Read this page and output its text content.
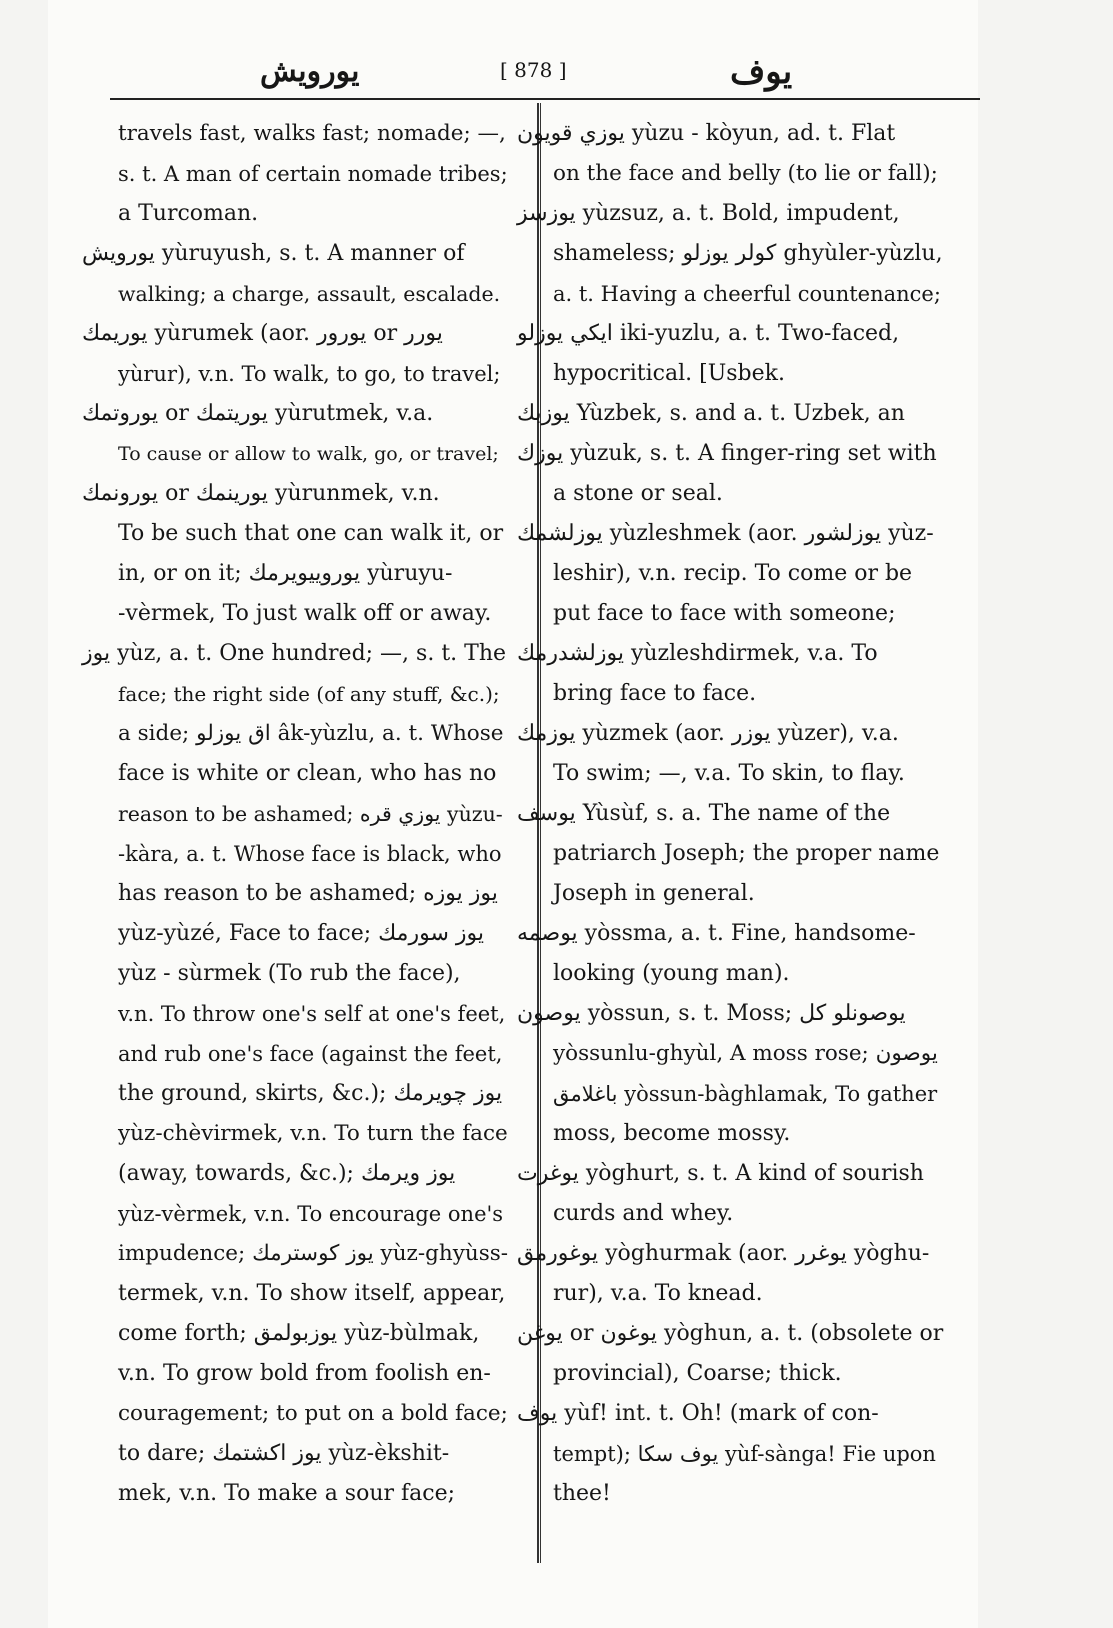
يورويش	[ 878 ]	يوف
travels fast, walks fast; nomade; —,
s. t. A man of certain nomade tribes;
a Turcoman.
يورويش yùruyush, s. t. A manner of
walking; a charge, assault, escalade.
يوريمك yùrumek (aor. يورور or يورر
yùrur), v.n. To walk, to go, to travel;
يوروتمك or يوريتمك yùrutmek, v.a.
To cause or allow to walk, go, or travel;
يورونمك or يورينمك yùrunmek, v.n.
To be such that one can walk it, or
in, or on it; يوروييويرمك yùruyu-
-vèrmek, To just walk off or away.
يوز yùz, a. t. One hundred; —, s. t. The
face; the right side (of any stuff, &c.);
a side; اق يوزلو âk-yùzlu, a. t. Whose
face is white or clean, who has no
reason to be ashamed; يوزي قره yùzu-
-kàra, a. t. Whose face is black, who
has reason to be ashamed; يوز يوزه
yùz-yùzé, Face to face; يوز سورمك
yùz - sùrmek (To rub the face),
v.n. To throw one's self at one's feet,
and rub one's face (against the feet,
the ground, skirts, &c.); يوز چويرمك
yùz-chèvirmek, v.n. To turn the face
(away, towards, &c.); يوز ويرمك
yùz-vèrmek, v.n. To encourage one's
impudence; يوز كوسترمك yùz-ghyùss-
termek, v.n. To show itself, appear,
come forth; يوزبولمق yùz-bùlmak,
v.n. To grow bold from foolish en-
couragement; to put on a bold face;
to dare; يوز اكشتمك yùz-èkshit-
mek, v.n. To make a sour face;
يوزي قويون yùzu - kòyun, ad. t. Flat
on the face and belly (to lie or fall);
يوزسز yùzsuz, a. t. Bold, impudent,
shameless; كولر يوزلو ghyùler-yùzlu,
a. t. Having a cheerful countenance;
ايكي يوزلو iki-yuzlu, a. t. Two-faced,
hypocritical. [Usbek.
يوزبك Yùzbek, s. and a. t. Uzbek, an
يوزك yùzuk, s. t. A finger-ring set with
a stone or seal.
يوزلشمك yùzleshmek (aor. يوزلشور yùz-
leshir), v.n. recip. To come or be
put face to face with someone;
يوزلشدرمك yùzleshdirmek, v.a. To
bring face to face.
يوزمك yùzmek (aor. يوزر yùzer), v.a.
To swim; —, v.a. To skin, to flay.
يوسف Yùsùf, s. a. The name of the
patriarch Joseph; the proper name
Joseph in general.
يوصمه yòssma, a. t. Fine, handsome-
looking (young man).
يوصون yòssun, s. t. Moss; يوصونلو كل
yòssunlu-ghyùl, A moss rose; يوصون
باغلامق yòssun-bàghlamak, To gather
moss, become mossy.
يوغرت yòghurt, s. t. A kind of sourish
curds and whey.
يوغورمق yòghurmak (aor. يوغرر yòghu-
rur), v.a. To knead.
يوغن or يوغون yòghun, a. t. (obsolete or
provincial), Coarse; thick.
يوف yùf! int. t. Oh! (mark of con-
tempt); يوف سكا yùf-sànga! Fie upon
thee!
